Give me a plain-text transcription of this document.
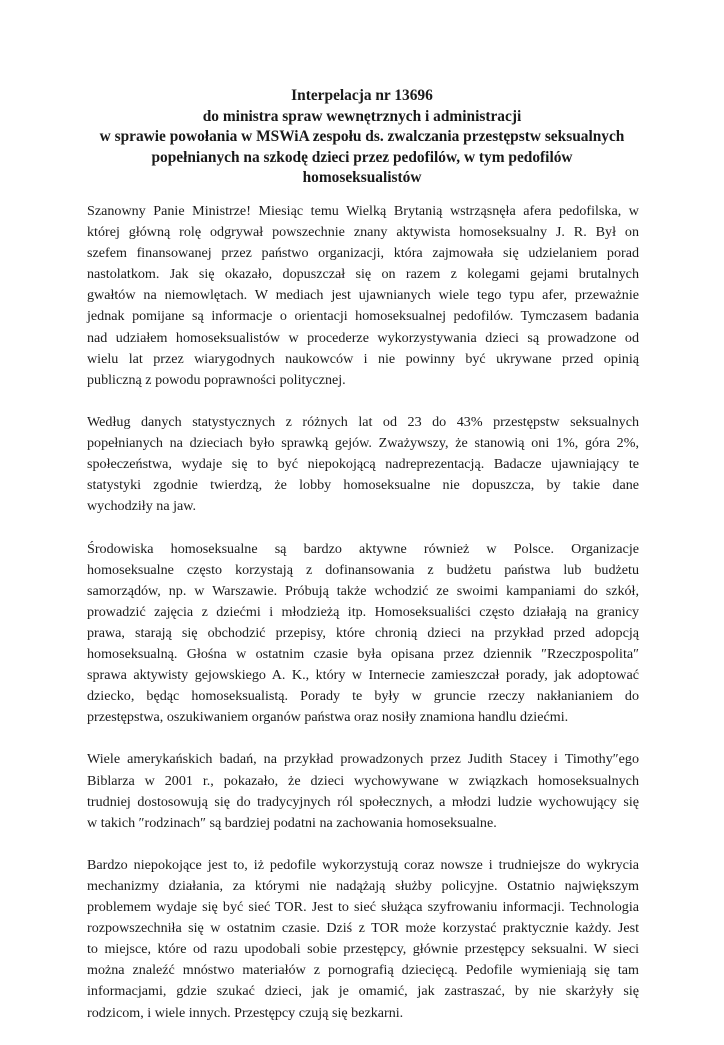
Interpelacja nr 13696
do ministra spraw wewnętrznych i administracji
w sprawie powołania w MSWiA zespołu ds. zwalczania przestępstw seksualnych
popełnianych na szkodę dzieci przez pedofilów, w tym pedofilów
homoseksualistów
Szanowny Panie Ministrze! Miesiąc temu Wielką Brytanią wstrząsnęła afera pedofilska, w
której główną rolę odgrywał powszechnie znany aktywista homoseksualny J. R. Był on
szefem finansowanej przez państwo organizacji, która zajmowała się udzielaniem porad
nastolatkom. Jak się okazało, dopuszczał się on razem z kolegami gejami brutalnych
gwałtów na niemowlętach. W mediach jest ujawnianych wiele tego typu afer, przeważnie
jednak pomijane są informacje o orientacji homoseksualnej pedofilów. Tymczasem badania
nad udziałem homoseksualistów w procederze wykorzystywania dzieci są prowadzone od
wielu lat przez wiarygodnych naukowców i nie powinny być ukrywane przed opinią
publiczną z powodu poprawności politycznej.
Według danych statystycznych z różnych lat od 23 do 43% przestępstw seksualnych
popełnianych na dzieciach było sprawką gejów. Zważywszy, że stanowią oni 1%, góra 2%,
społeczeństwa, wydaje się to być niepokojącą nadreprezentacją. Badacze ujawniający te
statystyki zgodnie twierdzą, że lobby homoseksualne nie dopuszcza, by takie dane
wychodziły na jaw.
Środowiska homoseksualne są bardzo aktywne również w Polsce. Organizacje
homoseksualne często korzystają z dofinansowania z budżetu państwa lub budżetu
samorządów, np. w Warszawie. Próbują także wchodzić ze swoimi kampaniami do szkół,
prowadzić zajęcia z dziećmi i młodzieżą itp. Homoseksualiści często działają na granicy
prawa, starają się obchodzić przepisy, które chronią dzieci na przykład przed adopcją
homoseksualną. Głośna w ostatnim czasie była opisana przez dziennik ″Rzeczpospolita″
sprawa aktywisty gejowskiego A. K., który w Internecie zamieszczał porady, jak adoptować
dziecko, będąc homoseksualistą. Porady te były w gruncie rzeczy nakłanianiem do
przestępstwa, oszukiwaniem organów państwa oraz nosiły znamiona handlu dziećmi.
Wiele amerykańskich badań, na przykład prowadzonych przez Judith Stacey i Timothy″ego
Biblarza w 2001 r., pokazało, że dzieci wychowywane w związkach homoseksualnych
trudniej dostosowują się do tradycyjnych ról społecznych, a młodzi ludzie wychowujący się
w takich ″rodzinach″ są bardziej podatni na zachowania homoseksualne.
Bardzo niepokojące jest to, iż pedofile wykorzystują coraz nowsze i trudniejsze do wykrycia
mechanizmy działania, za którymi nie nadążają służby policyjne. Ostatnio największym
problemem wydaje się być sieć TOR. Jest to sieć służąca szyfrowaniu informacji. Technologia
rozpowszechniła się w ostatnim czasie. Dziś z TOR może korzystać praktycznie każdy. Jest
to miejsce, które od razu upodobali sobie przestępcy, głównie przestępcy seksualni. W sieci
można znaleźć mnóstwo materiałów z pornografią dziecięcą. Pedofile wymieniają się tam
informacjami, gdzie szukać dzieci, jak je omamić, jak zastraszać, by nie skarżyły się
rodzicom, i wiele innych. Przestępcy czują się bezkarni.
